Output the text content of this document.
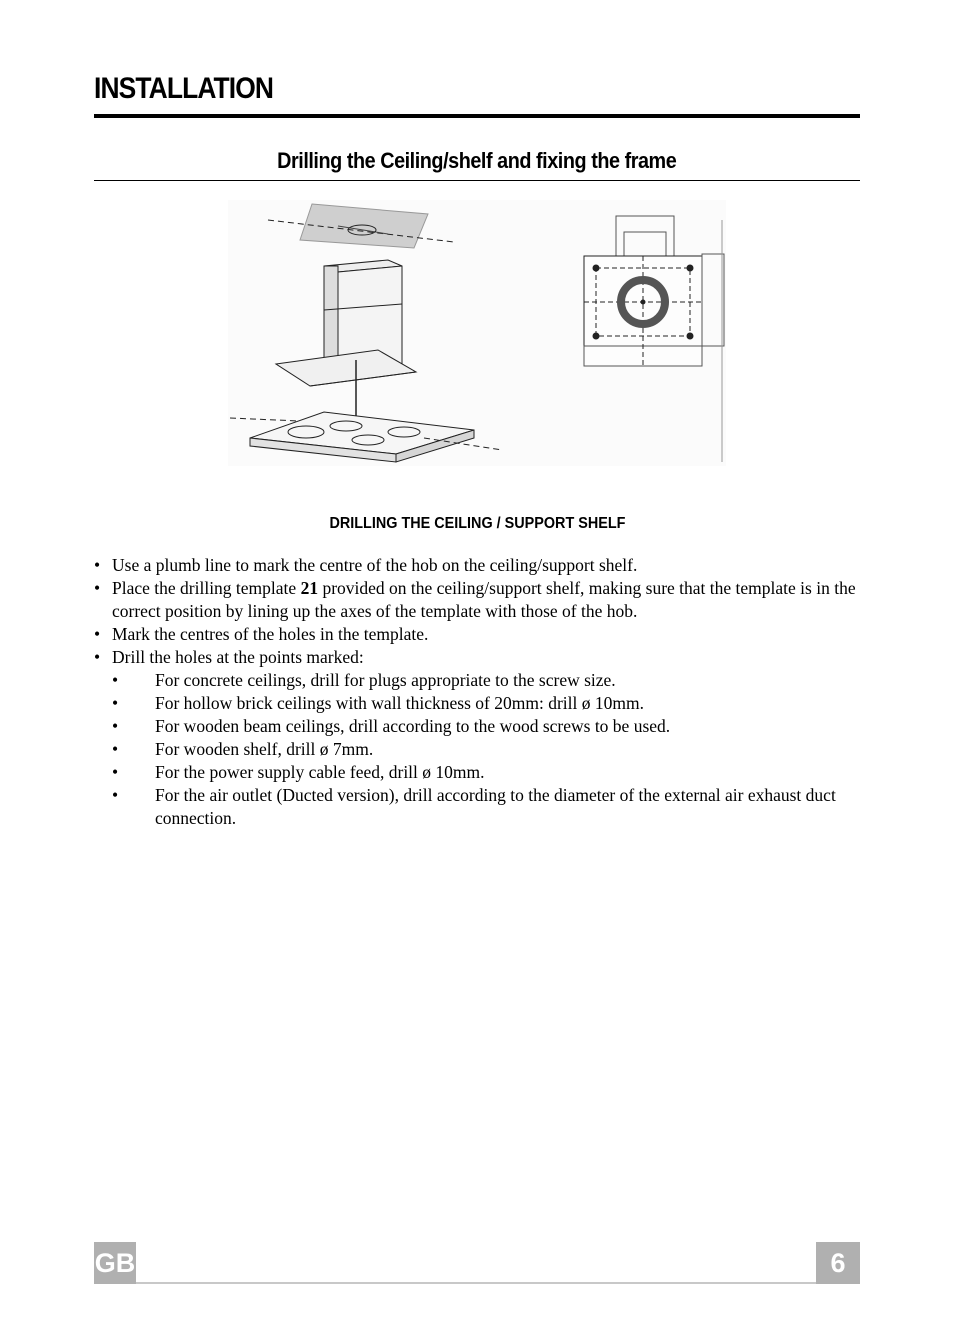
INSTALLATION
Drilling the Ceiling/shelf and fixing the frame
DRILLING THE CEILING / SUPPORT SHELF
• Use a plumb line to mark the centre of the hob on the ceiling/support shelf.
• Place the drilling template 21 provided on the ceiling/support shelf, making sure that the template is in the correct position by lining up the axes of the template with those of the hob.
• Mark the centres of the holes in the template.
• Drill the holes at the points marked:
• For concrete ceilings, drill for plugs appropriate to the screw size.
• For hollow brick ceilings with wall thickness of 20mm: drill ø 10mm.
• For wooden beam ceilings, drill according to the wood screws to be used.
• For wooden shelf, drill ø 7mm.
• For the power supply cable feed, drill ø 10mm.
• For the air outlet (Ducted version), drill according to the diameter of the external air exhaust duct connection.
GB	6
